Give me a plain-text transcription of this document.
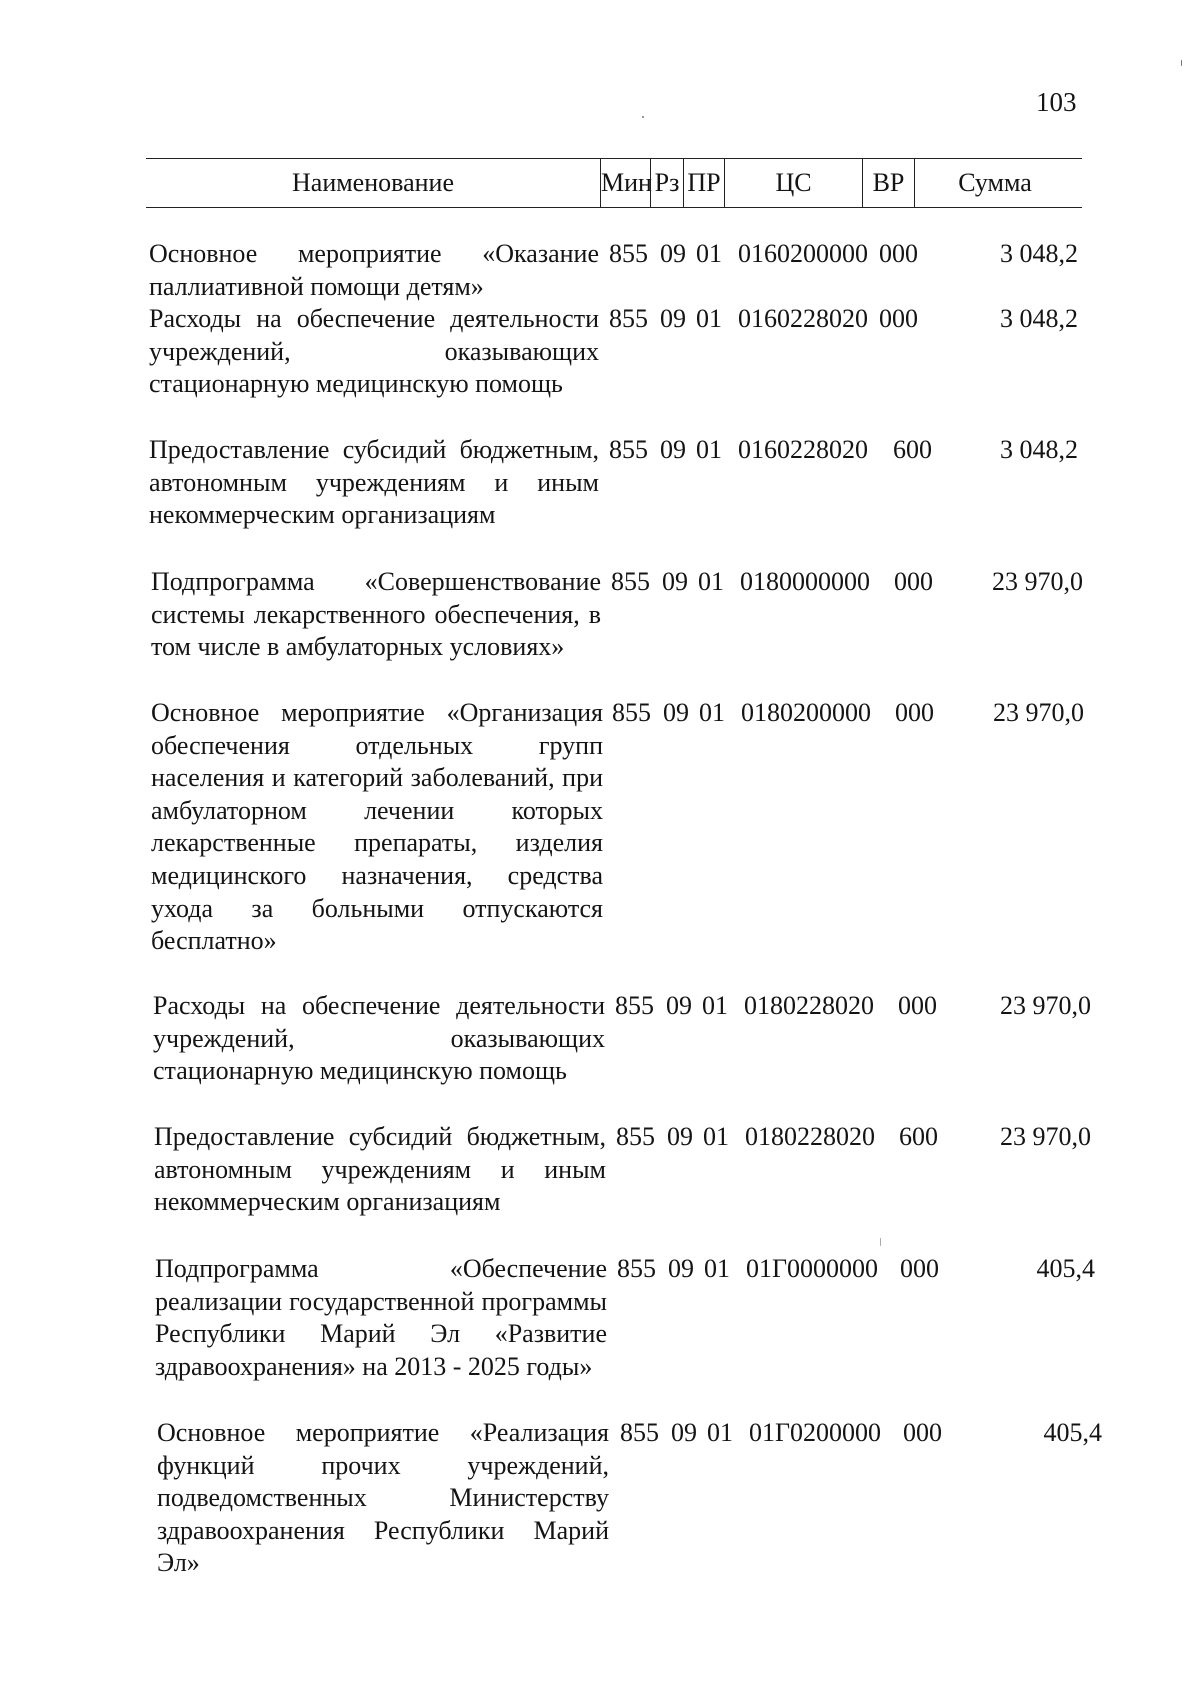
103
Наименование	Мин Рз ПР	ЦС	ВР	Сумма
Основное мероприятие «Оказание паллиативной помощи детям»
855 09 01 0160200000 000	3 048,2
Расходы на обеспечение деятельности учреждений, оказывающих стационарную медицинскую помощь
855 09 01 0160228020 000	3 048,2
Предоставление субсидий бюджетным, автономным учреждениям и иным некоммерческим организациям
855 09 01 0160228020 600	3 048,2
Подпрограмма «Совершенствование системы лекарственного обеспечения, в том числе в амбулаторных условиях»
855 09 01 0180000000 000 23 970,0
Основное мероприятие «Организация обеспечения отдельных групп населения и категорий заболеваний, при амбулаторном лечении которых лекарственные препараты, изделия медицинского назначения, средства ухода за больными отпускаются бесплатно»
855 09 01 0180200000 000 23 970,0
Расходы на обеспечение деятельности учреждений, оказывающих стационарную медицинскую помощь
855 09 01 0180228020 000 23 970,0
Предоставление субсидий бюджетным, автономным учреждениям и иным некоммерческим организациям
855 09 01 0180228020 600 23 970,0
Подпрограмма «Обеспечение реализации государственной программы Республики Марий Эл «Развитие здравоохранения» на 2013 - 2025 годы»
855 09 01 01Г0000000 000	405,4
Основное мероприятие «Реализация функций прочих учреждений, подведомственных Министерству здравоохранения Республики Марий Эл»
855 09 01 01Г0200000 000	405,4
